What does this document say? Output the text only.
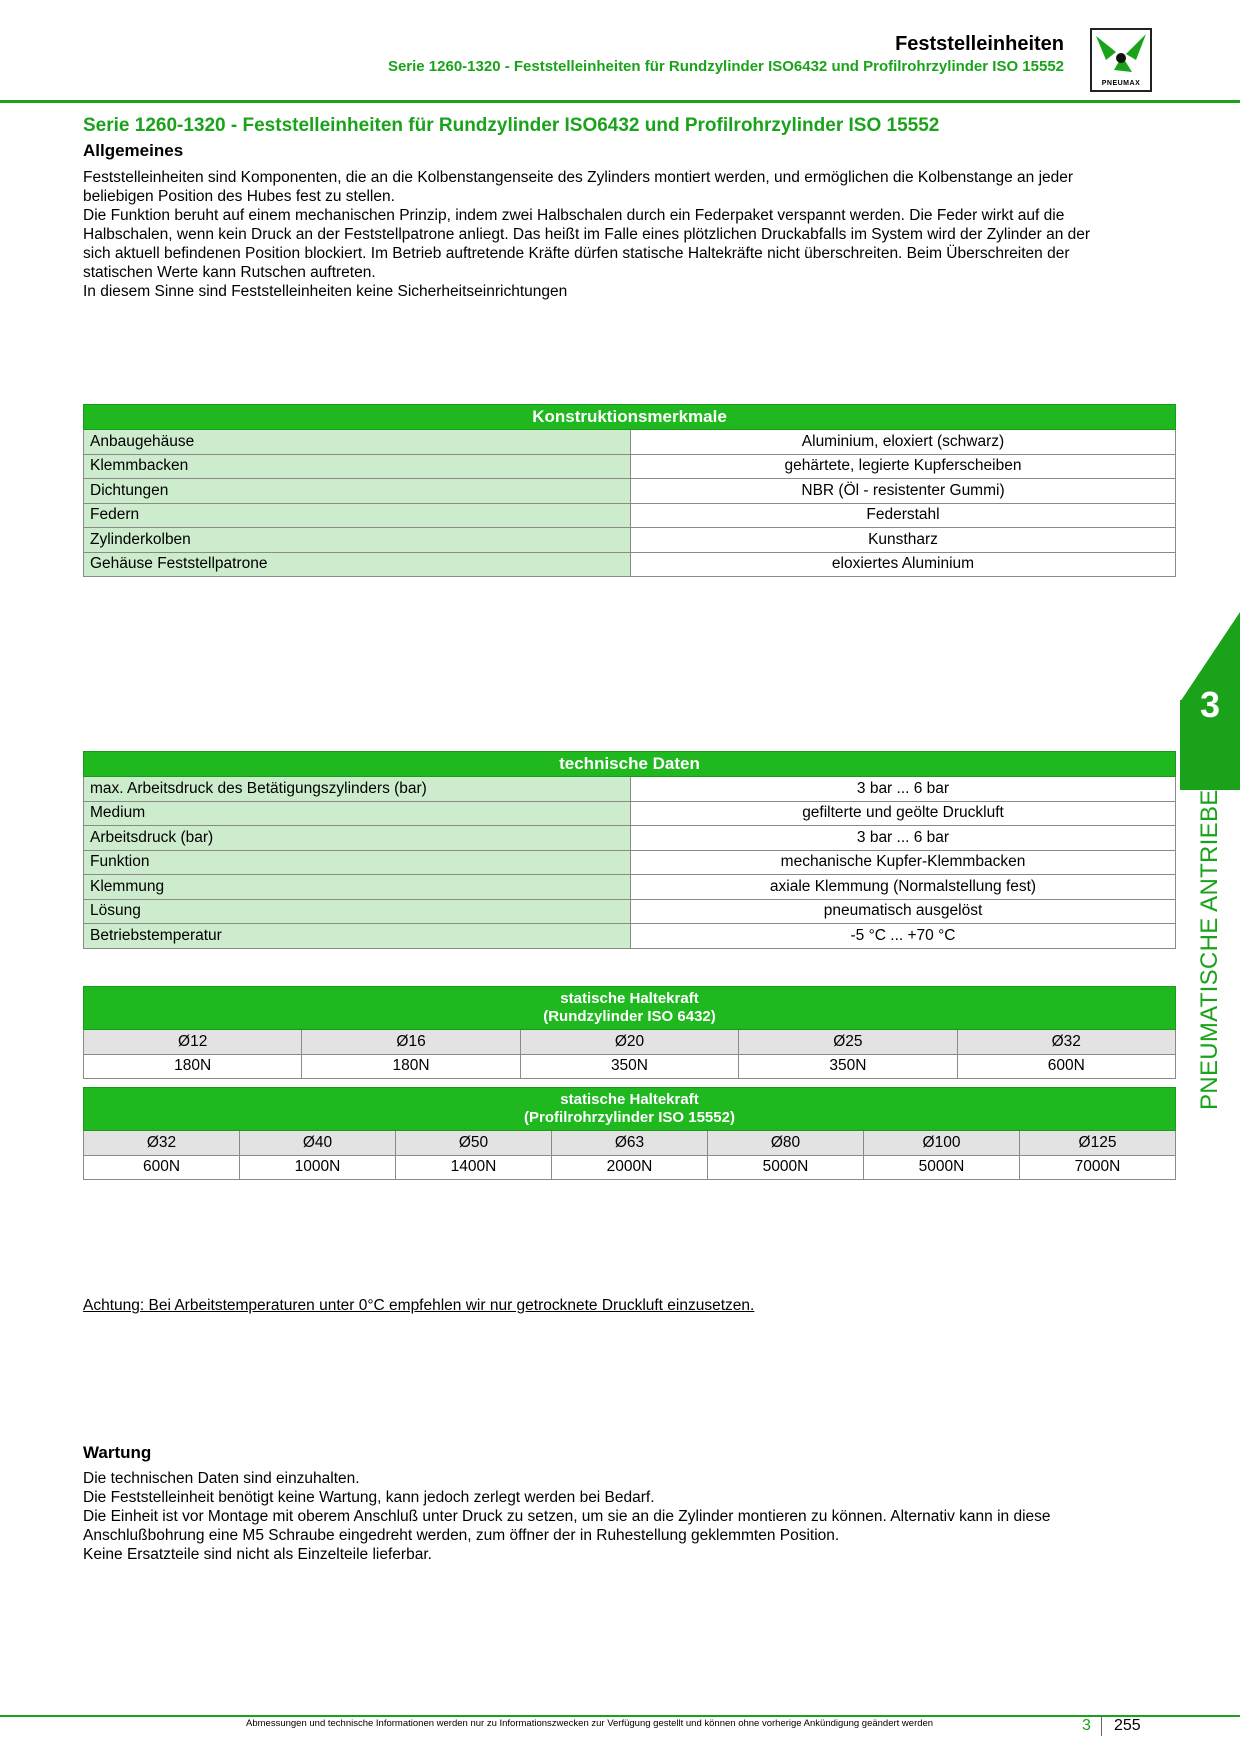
Feststelleinheiten
Serie 1260-1320 - Feststelleinheiten für Rundzylinder ISO6432 und Profilrohrzylinder ISO 15552
PNEUMAX
Serie 1260-1320 - Feststelleinheiten für Rundzylinder ISO6432 und Profilrohrzylinder ISO 15552
Allgemeines
Feststelleinheiten sind Komponenten, die an die Kolbenstangenseite des Zylinders montiert werden, und ermöglichen die Kolbenstange an jeder
beliebigen Position des Hubes fest zu stellen.
Die Funktion beruht auf einem mechanischen Prinzip, indem zwei Halbschalen durch ein Federpaket verspannt werden. Die Feder wirkt auf die
Halbschalen, wenn kein Druck an der Feststellpatrone anliegt. Das heißt im Falle eines plötzlichen Druckabfalls im System wird der Zylinder an der
sich aktuell befindenen Position blockiert. Im Betrieb auftretende Kräfte dürfen statische Haltekräfte nicht überschreiten. Beim Überschreiten der
statischen Werte kann Rutschen auftreten.
In diesem Sinne sind Feststelleinheiten keine Sicherheitseinrichtungen
Konstruktionsmerkmale	
Anbaugehäuse	Aluminium, eloxiert (schwarz)
Klemmbacken	gehärtete, legierte Kupferscheiben
Dichtungen	NBR (Öl - resistenter Gummi)
Federn	Federstahl
Zylinderkolben	Kunstharz
Gehäuse Feststellpatrone	eloxiertes Aluminium
technische Daten	
max. Arbeitsdruck des Betätigungszylinders (bar)	3 bar ... 6 bar
Medium	gefilterte und geölte Druckluft
Arbeitsdruck (bar)	3 bar ... 6 bar
Funktion	mechanische Kupfer-Klemmbacken
Klemmung	axiale Klemmung (Normalstellung fest)
Lösung	pneumatisch ausgelöst
Betriebstemperatur	-5 °C ... +70 °C
statische Haltekraft
(Rundzylinder ISO 6432)				

Ø12	Ø16	Ø20	Ø25	Ø32
180N	180N	350N	350N	600N
statische Haltekraft
(Profilrohrzylinder ISO 15552)						

Ø32	Ø40	Ø50	Ø63	Ø80	Ø100	Ø125
600N	1000N	1400N	2000N	5000N	5000N	7000N
Achtung: Bei Arbeitstemperaturen unter 0°C empfehlen wir nur getrocknete Druckluft einzusetzen.
Wartung
Die technischen Daten sind einzuhalten.
Die Feststelleinheit benötigt keine Wartung, kann jedoch zerlegt werden bei Bedarf.
Die Einheit ist vor Montage mit oberem Anschluß unter Druck zu setzen, um sie an die Zylinder montieren zu können. Alternativ kann in diese
Anschlußbohrung eine M5 Schraube eingedreht werden, zum öffner der in Ruhestellung geklemmten Position.
Keine Ersatzteile sind nicht als Einzelteile lieferbar.
3
PNEUMATISCHE ANTRIEBE
Abmessungen und technische Informationen werden nur zu Informationszwecken zur Verfügung gestellt und können ohne vorherige Ankündigung geändert werden	3 255
